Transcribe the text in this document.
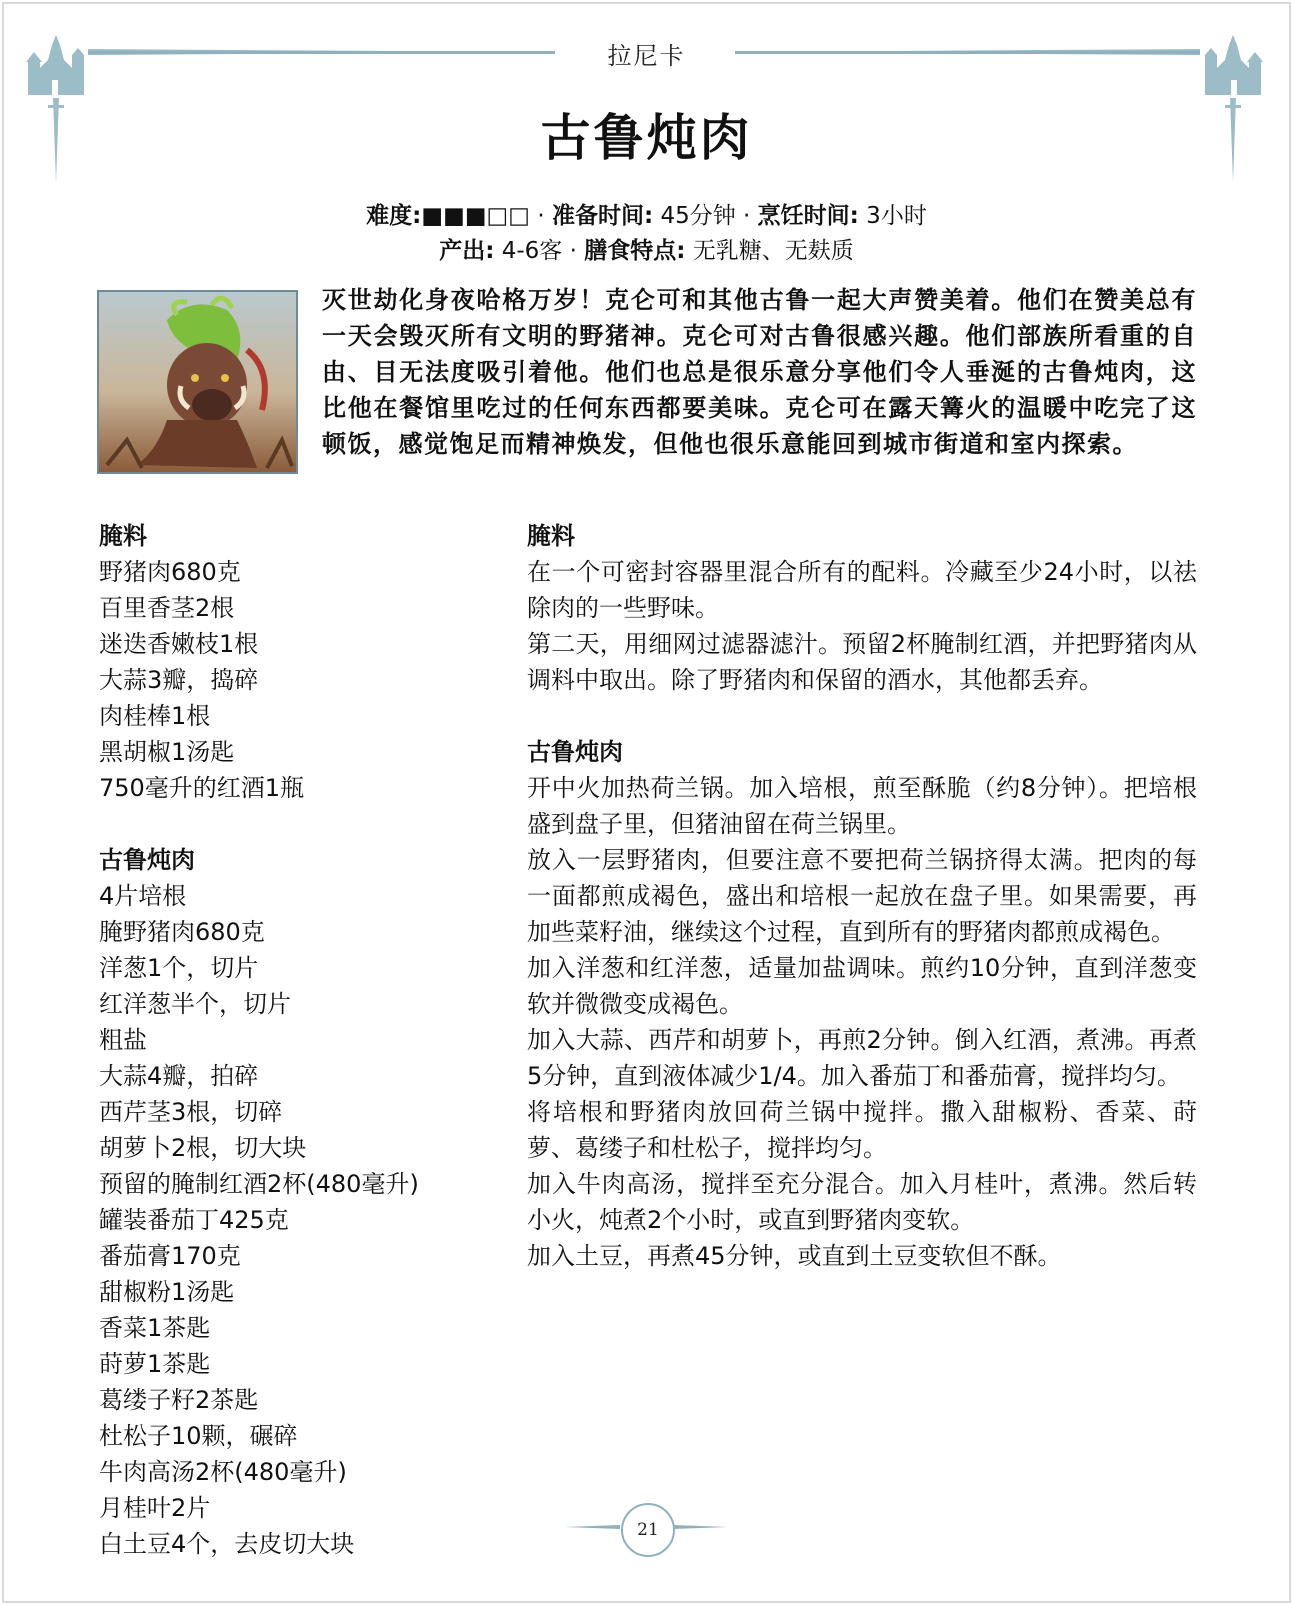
拉尼卡
古鲁炖肉
难度:■■■□□ · 准备时间: 45分钟 · 烹饪时间: 3小时
产出: 4-6客 · 膳食特点: 无乳糖、无麸质
灭世劫化身夜哈格万岁！克仑可和其他古鲁一起大声赞美着。他们在赞美总有一天会毁灭所有文明的野猪神。克仑可对古鲁很感兴趣。他们部族所看重的自由、目无法度吸引着他。他们也总是很乐意分享他们令人垂涎的古鲁炖肉，这比他在餐馆里吃过的任何东西都要美味。克仑可在露天篝火的温暖中吃完了这顿饭，感觉饱足而精神焕发，但他也很乐意能回到城市街道和室内探索。
腌料
野猪肉680克
百里香茎2根
迷迭香嫩枝1根
大蒜3瓣，捣碎
肉桂棒1根
黑胡椒1汤匙
750毫升的红酒1瓶
古鲁炖肉
4片培根
腌野猪肉680克
洋葱1个，切片
红洋葱半个，切片
粗盐
大蒜4瓣，拍碎
西芹茎3根，切碎
胡萝卜2根，切大块
预留的腌制红酒2杯(480毫升)
罐装番茄丁425克
番茄膏170克
甜椒粉1汤匙
香菜1茶匙
莳萝1茶匙
葛缕子籽2茶匙
杜松子10颗，碾碎
牛肉高汤2杯(480毫升)
月桂叶2片
白土豆4个，去皮切大块
腌料
在一个可密封容器里混合所有的配料。冷藏至少24小时，以祛除肉的一些野味。
第二天，用细网过滤器滤汁。预留2杯腌制红酒，并把野猪肉从调料中取出。除了野猪肉和保留的酒水，其他都丢弃。
古鲁炖肉
开中火加热荷兰锅。加入培根，煎至酥脆（约8分钟）。把培根盛到盘子里，但猪油留在荷兰锅里。
放入一层野猪肉，但要注意不要把荷兰锅挤得太满。把肉的每一面都煎成褐色，盛出和培根一起放在盘子里。如果需要，再加些菜籽油，继续这个过程，直到所有的野猪肉都煎成褐色。
加入洋葱和红洋葱，适量加盐调味。煎约10分钟，直到洋葱变软并微微变成褐色。
加入大蒜、西芹和胡萝卜，再煎2分钟。倒入红酒，煮沸。再煮5分钟，直到液体减少1/4。加入番茄丁和番茄膏，搅拌均匀。
将培根和野猪肉放回荷兰锅中搅拌。撒入甜椒粉、香菜、莳萝、葛缕子和杜松子，搅拌均匀。
加入牛肉高汤，搅拌至充分混合。加入月桂叶，煮沸。然后转小火，炖煮2个小时，或直到野猪肉变软。
加入土豆，再煮45分钟，或直到土豆变软但不酥。
21
